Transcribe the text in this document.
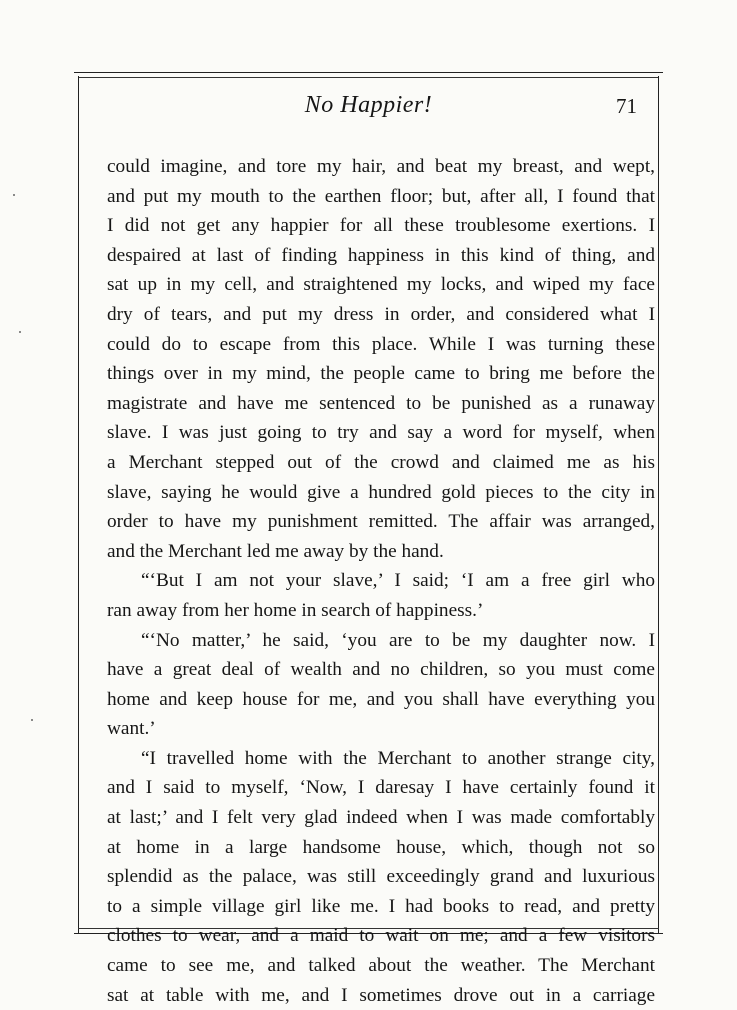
No Happier!	71
could imagine, and tore my hair, and beat my breast, and wept,
and put my mouth to the earthen floor; but, after all, I found that
I did not get any happier for all these troublesome exertions. I
despaired at last of finding happiness in this kind of thing, and
sat up in my cell, and straightened my locks, and wiped my face
dry of tears, and put my dress in order, and considered what I
could do to escape from this place. While I was turning these
things over in my mind, the people came to bring me before the
magistrate and have me sentenced to be punished as a runaway
slave. I was just going to try and say a word for myself, when
a Merchant stepped out of the crowd and claimed me as his
slave, saying he would give a hundred gold pieces to the city in
order to have my punishment remitted. The affair was arranged,
and the Merchant led me away by the hand.
“‘But I am not your slave,’ I said; ‘I am a free girl who
ran away from her home in search of happiness.’
“‘No matter,’ he said, ‘you are to be my daughter now. I
have a great deal of wealth and no children, so you must come
home and keep house for me, and you shall have everything you
want.’
“I travelled home with the Merchant to another strange city,
and I said to myself, ‘Now, I daresay I have certainly found it
at last;’ and I felt very glad indeed when I was made comfortably
at home in a large handsome house, which, though not so
splendid as the palace, was still exceedingly grand and luxurious
to a simple village girl like me. I had books to read, and pretty
clothes to wear, and a maid to wait on me; and a few visitors
came to see me, and talked about the weather. The Merchant
sat at table with me, and I sometimes drove out in a carriage
